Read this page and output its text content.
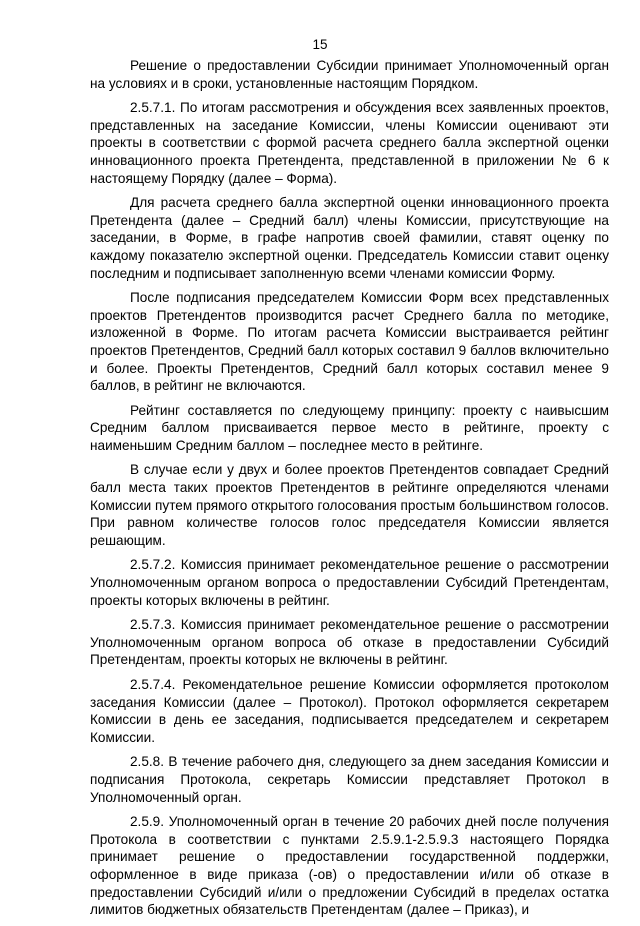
15

Решение о предоставлении Субсидии принимает Уполномоченный орган на условиях и в сроки, установленные настоящим Порядком.

2.5.7.1. По итогам рассмотрения и обсуждения всех заявленных проектов, представленных на заседание Комиссии, члены Комиссии оценивают эти проекты в соответствии с формой расчета среднего балла экспертной оценки инновационного проекта Претендента, представленной в приложении № 6 к настоящему Порядку (далее – Форма).

Для расчета среднего балла экспертной оценки инновационного проекта Претендента (далее – Средний балл) члены Комиссии, присутствующие на заседании, в Форме, в графе напротив своей фамилии, ставят оценку по каждому показателю экспертной оценки. Председатель Комиссии ставит оценку последним и подписывает заполненную всеми членами комиссии Форму.

После подписания председателем Комиссии Форм всех представленных проектов Претендентов производится расчет Среднего балла по методике, изложенной в Форме. По итогам расчета Комиссии выстраивается рейтинг проектов Претендентов, Средний балл которых составил 9 баллов включительно и более. Проекты Претендентов, Средний балл которых составил менее 9 баллов, в рейтинг не включаются.

Рейтинг составляется по следующему принципу: проекту с наивысшим Средним баллом присваивается первое место в рейтинге, проекту с наименьшим Средним баллом – последнее место в рейтинге.

В случае если у двух и более проектов Претендентов совпадает Средний балл места таких проектов Претендентов в рейтинге определяются членами Комиссии путем прямого открытого голосования простым большинством голосов. При равном количестве голосов голос председателя Комиссии является решающим.

2.5.7.2. Комиссия принимает рекомендательное решение о рассмотрении Уполномоченным органом вопроса о предоставлении Субсидий Претендентам, проекты которых включены в рейтинг.

2.5.7.3. Комиссия принимает рекомендательное решение о рассмотрении Уполномоченным органом вопроса об отказе в предоставлении Субсидий Претендентам, проекты которых не включены в рейтинг.

2.5.7.4. Рекомендательное решение Комиссии оформляется протоколом заседания Комиссии (далее – Протокол). Протокол оформляется секретарем Комиссии в день ее заседания, подписывается председателем и секретарем Комиссии.

2.5.8. В течение рабочего дня, следующего за днем заседания Комиссии и подписания Протокола, секретарь Комиссии представляет Протокол в Уполномоченный орган.

2.5.9. Уполномоченный орган в течение 20 рабочих дней после получения Протокола в соответствии с пунктами 2.5.9.1-2.5.9.3 настоящего Порядка принимает решение о предоставлении государственной поддержки, оформленное в виде приказа (-ов) о предоставлении и/или об отказе в предоставлении Субсидий и/или о предложении Субсидий в пределах остатка лимитов бюджетных обязательств Претендентам (далее – Приказ), и
